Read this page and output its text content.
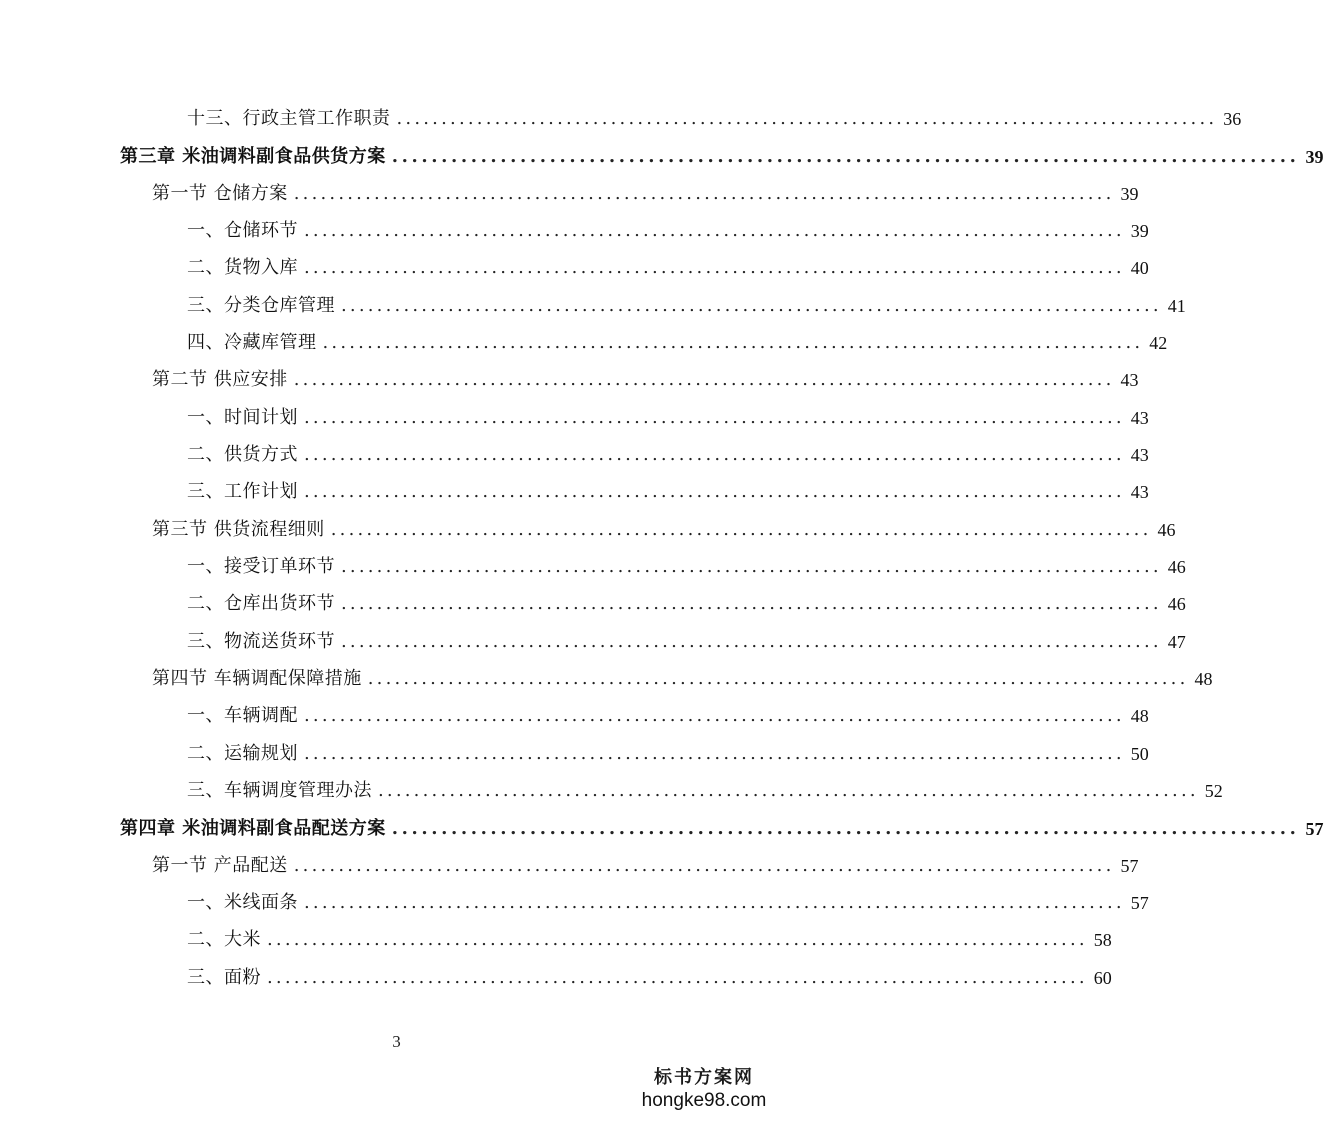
十三、行政主管工作职责 ............................................................................................ 36
第三章 米油调料副食品供货方案 ............................................................................................ 39
第一节 仓储方案 ............................................................................................ 39
一、仓储环节 ............................................................................................ 39
二、货物入库 ............................................................................................ 40
三、分类仓库管理 ............................................................................................ 41
四、冷藏库管理 ............................................................................................ 42
第二节 供应安排 ............................................................................................ 43
一、时间计划 ............................................................................................ 43
二、供货方式 ............................................................................................ 43
三、工作计划 ............................................................................................ 43
第三节 供货流程细则 ............................................................................................ 46
一、接受订单环节 ............................................................................................ 46
二、仓库出货环节 ............................................................................................ 46
三、物流送货环节 ............................................................................................ 47
第四节 车辆调配保障措施 ............................................................................................ 48
一、车辆调配 ............................................................................................ 48
二、运输规划 ............................................................................................ 50
三、车辆调度管理办法 ............................................................................................ 52
第四章 米油调料副食品配送方案 ............................................................................................ 57
第一节 产品配送 ............................................................................................ 57
一、米线面条 ............................................................................................ 57
二、大米 ............................................................................................ 58
三、面粉 ............................................................................................ 60
3
标书方案网
hongke98.com
